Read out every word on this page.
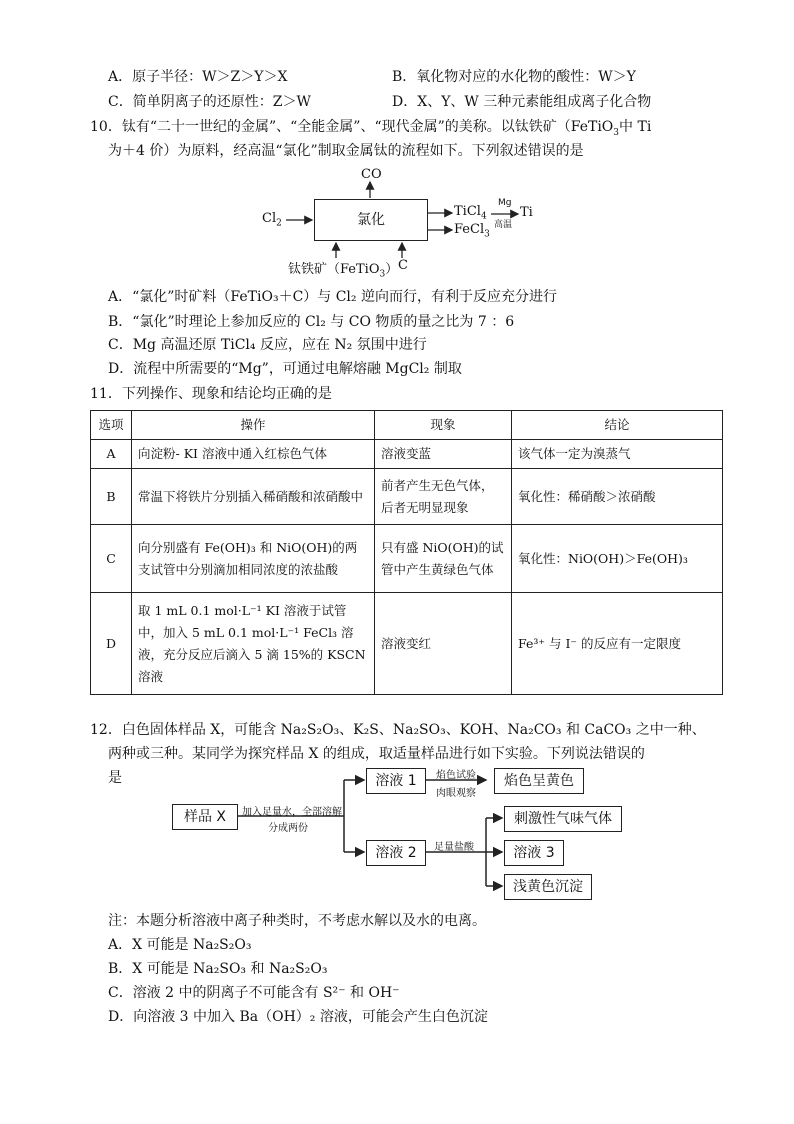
A．原子半径：W＞Z＞Y＞X	B．氧化物对应的水化物的酸性：W＞Y
C．简单阴离子的还原性：Z＞W	D．X、Y、W 三种元素能组成离子化合物
10．钛有“二十一世纪的金属”、“全能金属”、“现代金属”的美称。以钛铁矿（FeTiO$_3$中 Ti
为＋4 价）为原料，经高温“氯化”制取金属钛的流程如下。下列叙述错误的是
CO
$Cl_2$	氯化
TiCl$_4$
FeCl$_3$
Mg
高温
Ti
钛铁矿（FeTiO$_3$） C
A．“氯化”时矿料（FeTiO₃＋C）与 Cl₂ 逆向而行，有利于反应充分进行
B．“氯化”时理论上参加反应的 Cl₂ 与 CO 物质的量之比为 7 ：6
C．Mg 高温还原 TiCl₄ 反应，应在 N₂ 氛围中进行
D．流程中所需要的“Mg”，可通过电解熔融 MgCl₂ 制取
11．下列操作、现象和结论均正确的是
选项	操作	现象	结论
A	向淀粉- KI 溶液中通入红棕色气体	溶液变蓝	该气体一定为溴蒸气
B	常温下将铁片分别插入稀硝酸和浓硝酸中	前者产生无色气体，后者无明显现象	氧化性：稀硝酸＞浓硝酸
C	向分别盛有 Fe(OH)₃ 和 NiO(OH)的两支试管中分别滴加相同浓度的浓盐酸	只有盛 NiO(OH)的试管中产生黄绿色气体	氧化性：NiO(OH)＞Fe(OH)₃
D	取 1 mL 0.1 mol·L⁻¹ KI 溶液于试管中，加入 5 mL 0.1 mol·L⁻¹ FeCl₃ 溶液，充分反应后滴入 5 滴 15%的 KSCN 溶液	溶液变红	Fe³⁺ 与 I⁻ 的反应有一定限度
12．白色固体样品 X，可能含 Na₂S₂O₃、K₂S、Na₂SO₃、KOH、Na₂CO₃ 和 CaCO₃ 之中一种、
两种或三种。某同学为探究样品 X 的组成，取适量样品进行如下实验。下列说法错误的
是
样品 X	加入足量水，全部溶解
分成两份
溶液 1	焰色试验
肉眼观察
焰色呈黄色
溶液 2	足量盐酸
刺激性气味气体
溶液 3
浅黄色沉淀
注：本题分析溶液中离子种类时，不考虑水解以及水的电离。
A．X 可能是 Na₂S₂O₃
B．X 可能是 Na₂SO₃ 和 Na₂S₂O₃
C．溶液 2 中的阴离子不可能含有 S²⁻ 和 OH⁻
D．向溶液 3 中加入 Ba（OH）₂ 溶液，可能会产生白色沉淀
